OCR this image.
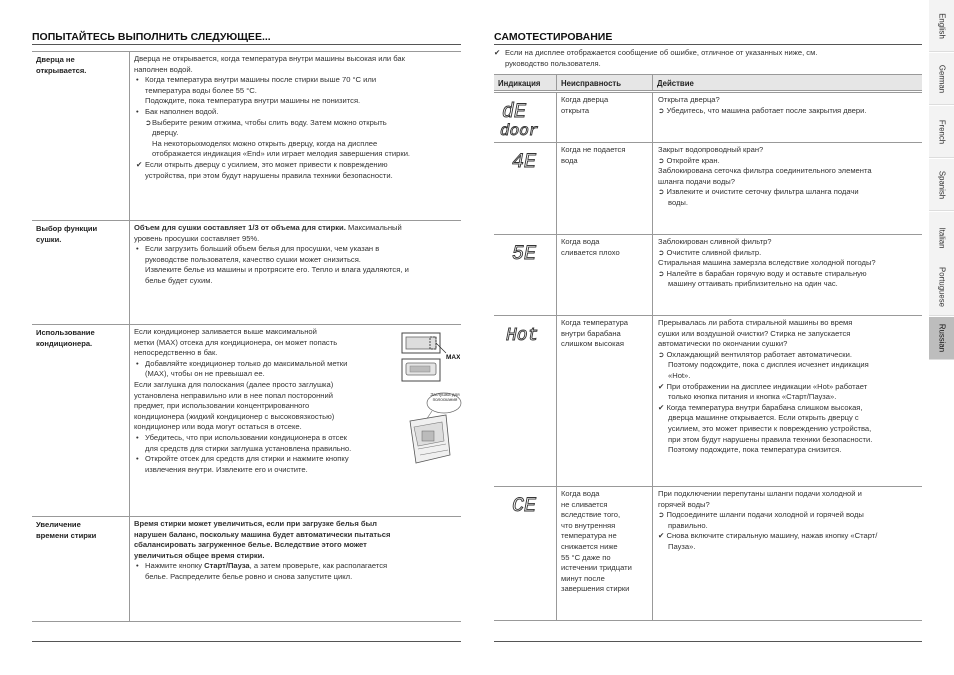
ПОПЫТАЙТЕСЬ ВЫПОЛНИТЬ СЛЕДУЮЩЕЕ...
Дверца не
открывается.
Дверца не открывается, когда температура внутри машины высокая или бак
наполнен водой.
• Когда температура внутри машины после стирки выше 70 °C или
температура воды более 55 °C.
Подождите, пока температура внутри машины не понизится.
• Бак наполнен водой.
➲ Выберите режим отжима, чтобы слить воду. Затем можно открыть
дверцу.
На некоторыхмоделях можно открыть дверцу, когда на дисплее
отображается индикация «End» или играет мелодия завершения стирки.
✔ Если открыть дверцу с усилием, это может привести к повреждению
устройства, при этом будут нарушены правила техники безопасности.
Выбор функции
сушки.
Объем для сушки составляет 1/3 от объема для стирки. Максимальный
уровень просушки составляет 95%.
• Если загрузить больший объем белья для просушки, чем указан в
руководстве пользователя, качество сушки может снизиться.
Извлеките белье из машины и протрясите его. Тепло и влага удаляются, и
белье будет сухим.
Использование
кондиционера.
Если кондиционер заливается выше максимальной
метки (MAX) отсека для кондиционера, он может попасть
непосредственно в бак.
• Добавляйте кондиционер только до максимальной метки
(MAX), чтобы он не превышал ее.
Если заглушка для полоскания (далее просто заглушка)
установлена неправильно или в нее попал посторонний
предмет, при использовании концентрированного
кондиционера (жидкий кондиционер с высоковязкостью)
кондиционер или вода могут остаться в отсеке.
• Убедитесь, что при использовании кондиционера в отсек
для средств для стирки заглушка установлена правильно.
• Откройте отсек для средств для стирки и нажмите кнопку
извлечения внутри. Извлеките его и очистите.
MAX
Заглушка для полоскания
Увеличение
времени стирки
Время стирки может увеличиться, если при загрузке белья был
нарушен баланс, поскольку машина будет автоматически пытаться
сбалансировать загруженное белье. Вследствие этого может
увеличиться общее время стирки.
• Нажмите кнопку Старт/Пауза, а затем проверьте, как располагается
белье. Распределите белье ровно и снова запустите цикл.
САМОТЕСТИРОВАНИЕ
✔ Если на дисплее отображается сообщение об ошибке, отличное от указанных ниже, см.
руководство пользователя.
Индикация	Неисправность	Действие
dE
door
Когда дверца
открыта
Открыта дверца?
➲ Убедитесь, что машина работает после закрытия двери.
4E
Когда не подается
вода
Закрыт водопроводный кран?
➲ Откройте кран.
Заблокирована сеточка фильтра соединительного элемента
шланга подачи воды?
➲ Извлеките и очистите сеточку фильтра шланга подачи
воды.
5E
Когда вода
сливается плохо
Заблокирован сливной фильтр?
➲ Очистите сливной фильтр.
Стиральная машина замерзла вследствие холодной погоды?
➲ Налейте в барабан горячую воду и оставьте стиральную
машину оттаивать приблизительно на один час.
Hot
Когда температура
внутри барабана
слишком высокая
Прерывалась ли работа стиральной машины во время
сушки или воздушной очистки? Стирка не запускается
автоматически по окончании сушки?
➲ Охлаждающий вентилятор работает автоматически.
Поэтому подождите, пока с дисплея исчезнет индикация
«Hot».
✔ При отображении на дисплее индикации «Hot» работает
только кнопка питания и кнопка «Старт/Пауза».
✔ Когда температура внутри барабана слишком высокая,
дверца машинне открывается. Если открыть дверцу с
усилием, это может привести к повреждению устройства,
при этом будут нарушены правила техники безопасности.
Поэтому подождите, пока температура снизится.
CE
Когда вода
не сливается
вследствие того,
что внутренняя
температура не
снижается ниже
55 °C даже по
истечении тридцати
минут после
завершения стирки
При подключении перепутаны шланги подачи холодной и
горячей воды?
➲ Подсоедините шланги подачи холодной и горячей воды
правильно.
✔ Снова включите стиральную машину, нажав кнопку «Старт/
Пауза».
English
German
French
Spanish
Italian
Portuguese
Russian
